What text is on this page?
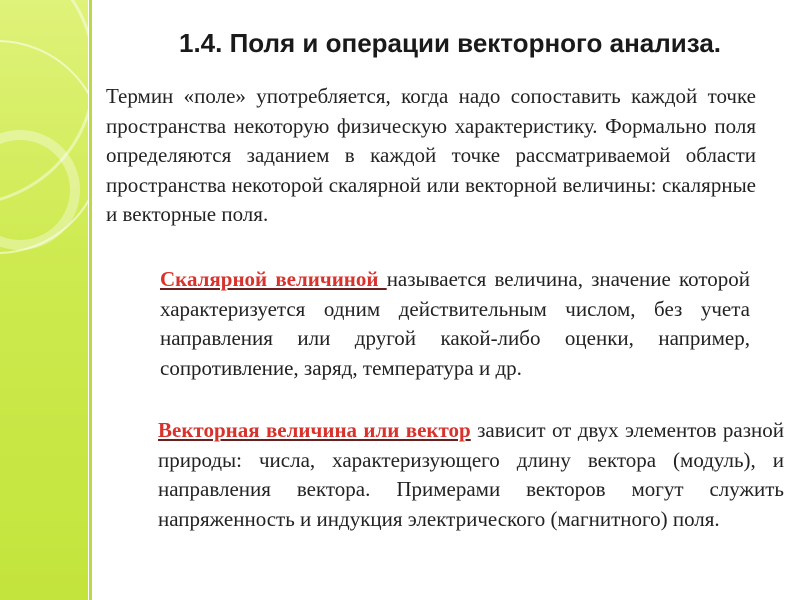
1.4. Поля и операции векторного анализа.

Термин «поле» употребляется, когда надо сопоставить каждой точке пространства некоторую физическую характеристику. Формально поля определяются заданием в каждой точке рассматриваемой области пространства некоторой скалярной или векторной величины: скалярные и векторные поля.

Скалярной величиной называется величина, значение которой характеризуется одним действительным числом, без учета направления или другой какой-либо оценки, например, сопротивление, заряд, температура и др.

Векторная величина или вектор зависит от двух элементов разной природы: числа, характеризующего длину вектора (модуль), и направления вектора. Примерами векторов могут служить напряженность и индукция электрического (магнитного) поля.
